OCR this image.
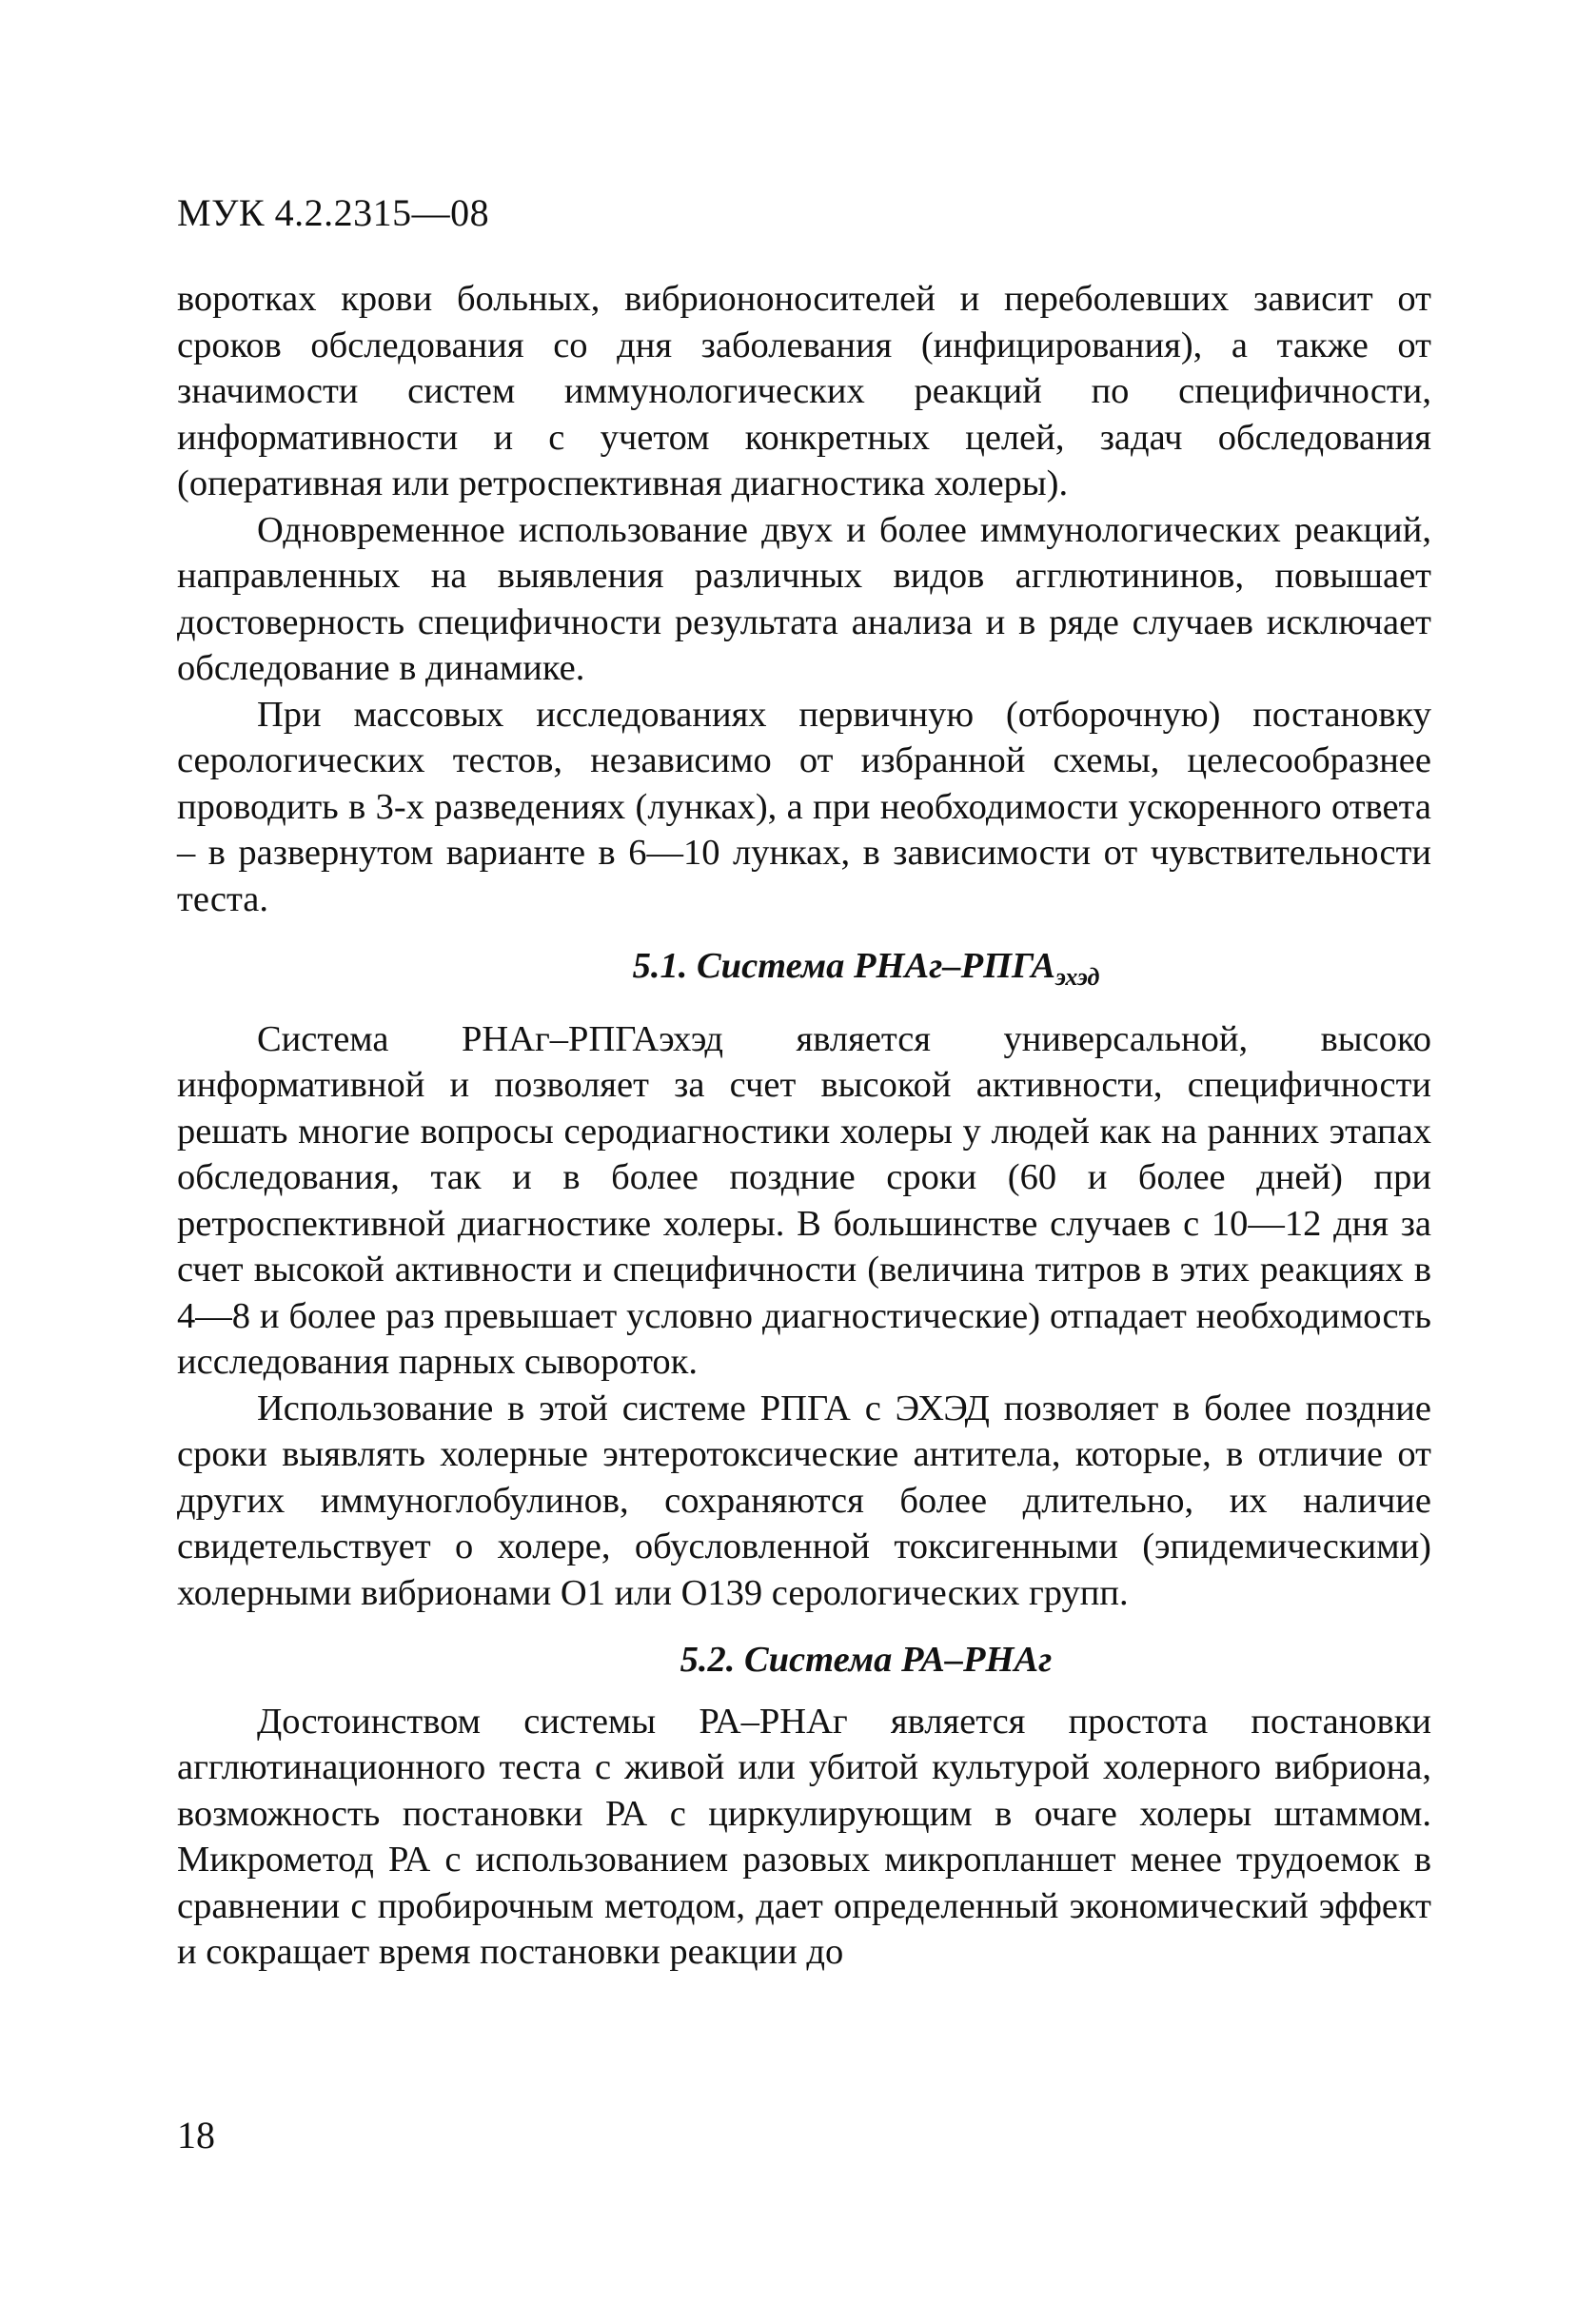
МУК 4.2.2315—08

воротках крови больных, вибриононосителей и переболевших зависит от сроков обследования со дня заболевания (инфицирования), а также от значимости систем иммунологических реакций по специфичности, информативности и с учетом конкретных целей, задач обследования (оперативная или ретроспективная диагностика холеры).

Одновременное использование двух и более иммунологических реакций, направленных на выявления различных видов агглютининов, повышает достоверность специфичности результата анализа и в ряде случаев исключает обследование в динамике.

При массовых исследованиях первичную (отборочную) постановку серологических тестов, независимо от избранной схемы, целесообразнее проводить в 3-х разведениях (лунках), а при необходимости ускоренного ответа – в развернутом варианте в 6—10 лунках, в зависимости от чувствительности теста.

5.1. Система РНАг–$РПГА_{эхэд}$

Система РНАг–РПГАэхэд является универсальной, высоко информативной и позволяет за счет высокой активности, специфичности решать многие вопросы серодиагностики холеры у людей как на ранних этапах обследования, так и в более поздние сроки (60 и более дней) при ретроспективной диагностике холеры. В большинстве случаев с 10—12 дня за счет высокой активности и специфичности (величина титров в этих реакциях в 4—8 и более раз превышает условно диагностические) отпадает необходимость исследования парных сывороток.

Использование в этой системе РПГА с ЭХЭД позволяет в более поздние сроки выявлять холерные энтеротоксические антитела, которые, в отличие от других иммуноглобулинов, сохраняются более длительно, их наличие свидетельствует о холере, обусловленной токсигенными (эпидемическими) холерными вибрионами О1 или О139 серологических групп.

5.2. Система РА–РНАг

Достоинством системы РА–РНАг является простота постановки агглютинационного теста с живой или убитой культурой холерного вибриона, возможность постановки РА с циркулирующим в очаге холеры штаммом. Микрометод РА с использованием разовых микропланшет менее трудоемок в сравнении с пробирочным методом, дает определенный экономический эффект и сокращает время постановки реакции до

18
